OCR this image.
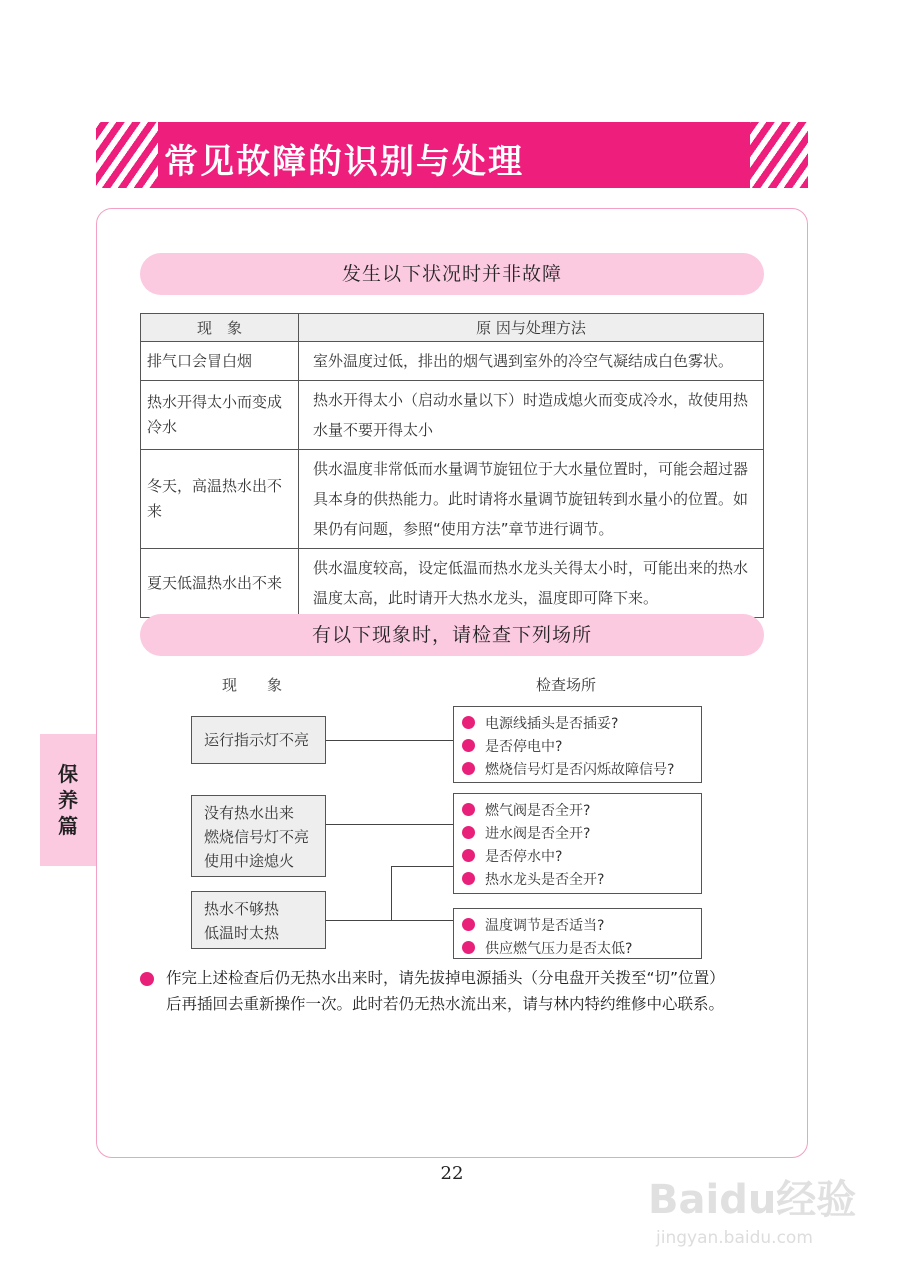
常见故障的识别与处理
发生以下状况时并非故障
现　象	原 因与处理方法
排气口会冒白烟	室外温度过低，排出的烟气遇到室外的冷空气凝结成白色雾状。
热水开得太小而变成冷水	热水开得太小（启动水量以下）时造成熄火而变成冷水，故使用热水量不要开得太小
冬天，高温热水出不来	供水温度非常低而水量调节旋钮位于大水量位置时，可能会超过器具本身的供热能力。此时请将水量调节旋钮转到水量小的位置。如果仍有问题，参照“使用方法”章节进行调节。
夏天低温热水出不来	供水温度较高，设定低温而热水龙头关得太小时，可能出来的热水温度太高，此时请开大热水龙头，温度即可降下来。
有以下现象时，请检查下列场所
现　　象	检查场所
运行指示灯不亮
没有热水出来
燃烧信号灯不亮
使用中途熄火
热水不够热
低温时太热
电源线插头是否插妥?
是否停电中?
燃烧信号灯是否闪烁故障信号?
燃气阀是否全开?
进水阀是否全开?
是否停水中?
热水龙头是否全开?
温度调节是否适当?
供应燃气压力是否太低?

作完上述检查后仍无热水出来时，请先拔掉电源插头（分电盘开关拨至“切”位置）

后再插回去重新操作一次。此时若仍无热水流出来，请与林内特约维修中心联系。

保
养
篇
22
Baidu经验
jingyan.baidu.com
